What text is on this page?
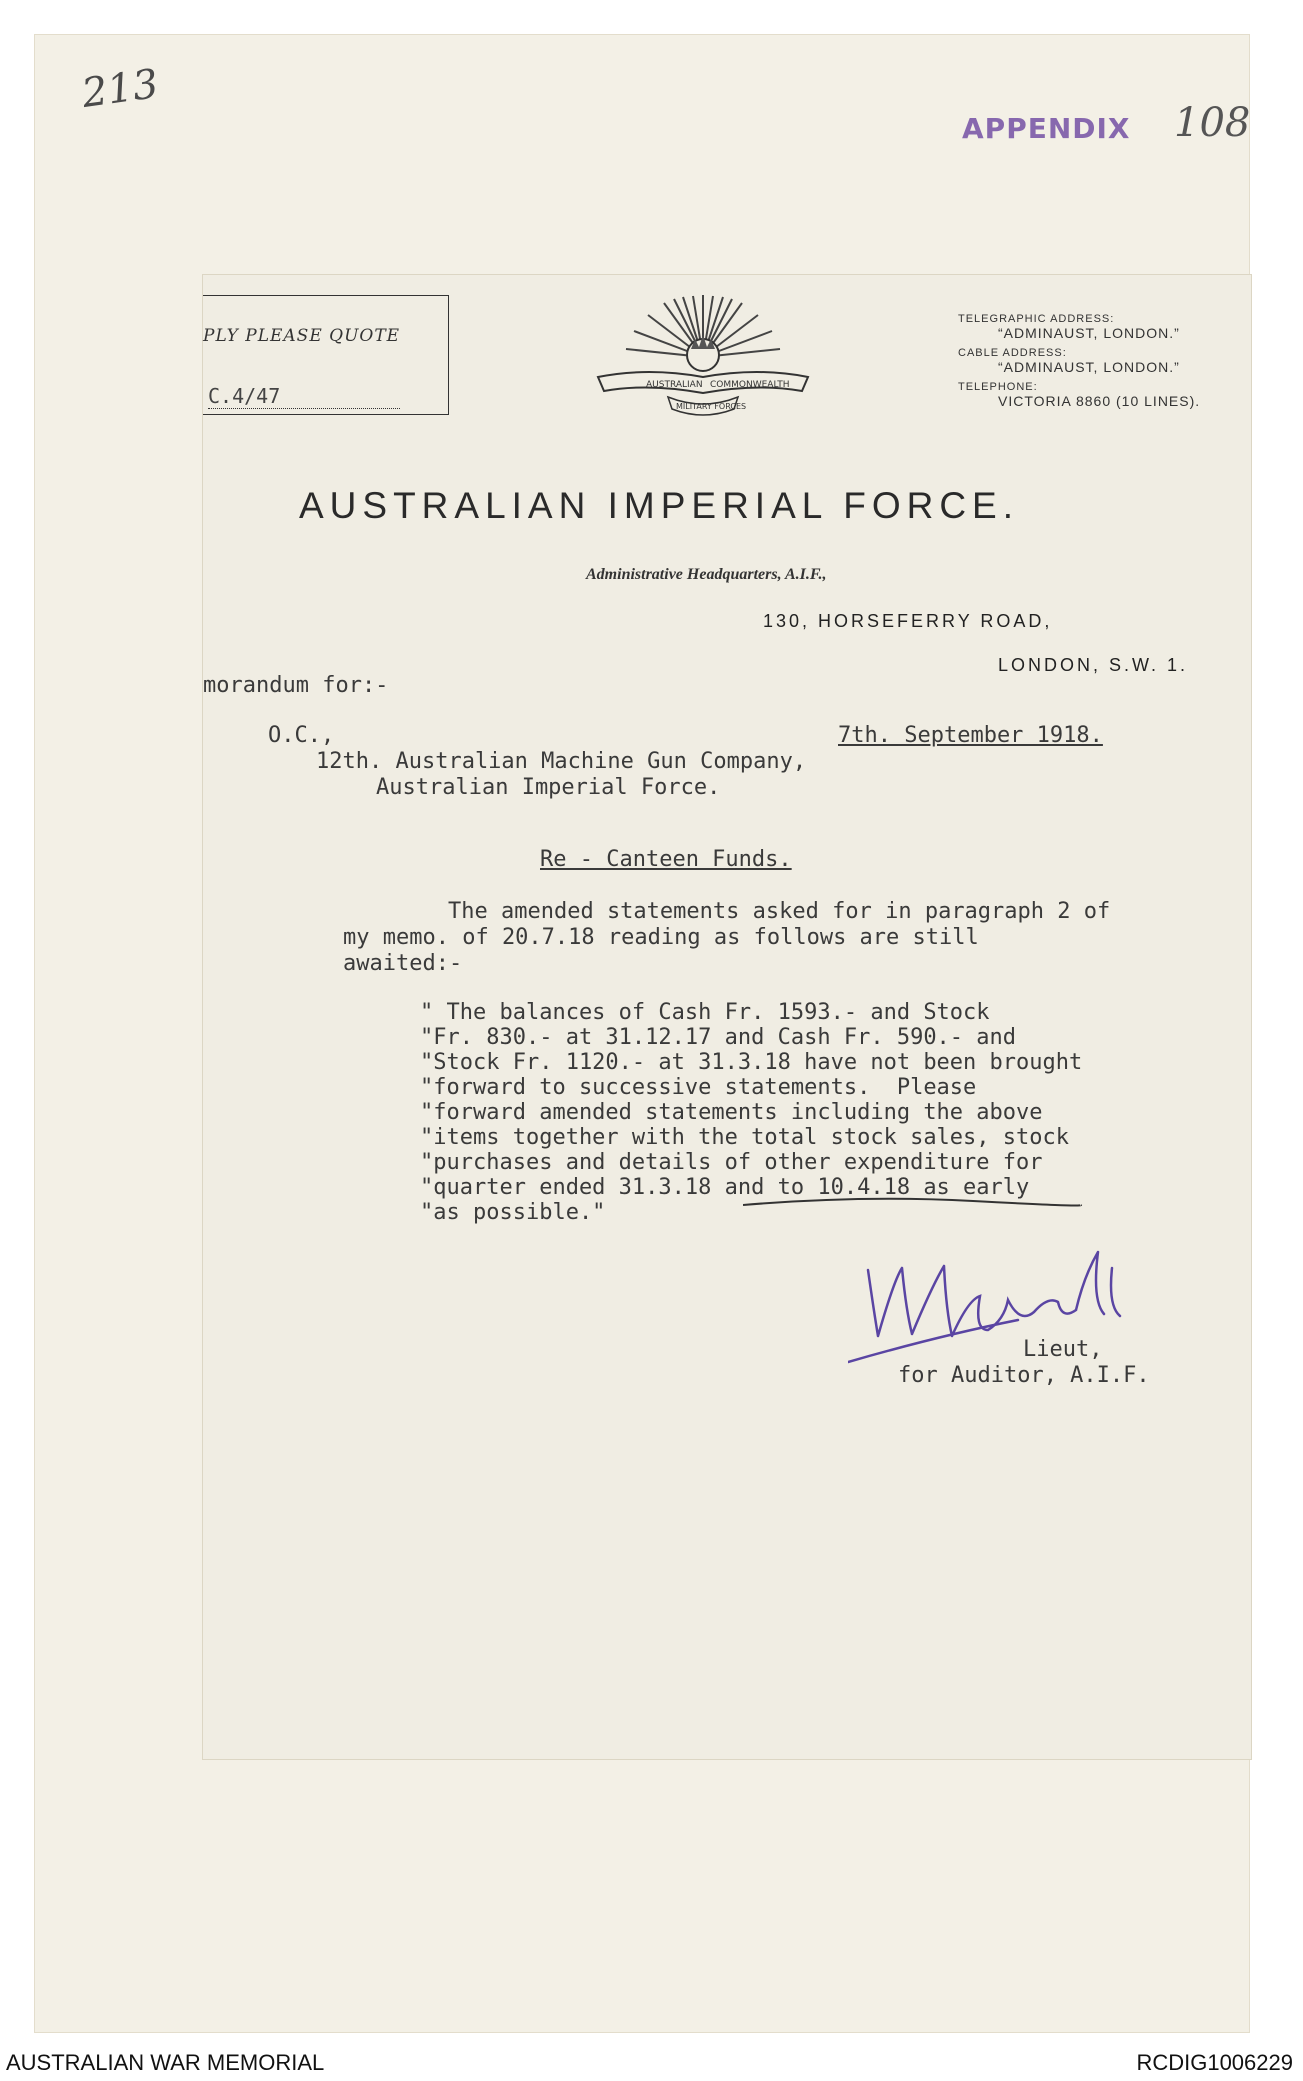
213
APPENDIX 108
PLY PLEASE QUOTE
C.4/47	AUSTRALIAN COMMONWEALTH
MILITARY FORCES
TELEGRAPHIC ADDRESS:
“ADMINAUST, LONDON.”
CABLE ADDRESS:
“ADMINAUST, LONDON.”
TELEPHONE:
VICTORIA 8860 (10 LINES).
AUSTRALIAN IMPERIAL FORCE.
Administrative Headquarters, A.I.F.,
130, HORSEFERRY ROAD,
LONDON, S.W. 1.
morandum for:-
7th. September 1918.
O.C.,
12th. Australian Machine Gun Company,
Australian Imperial Force.
Re - Canteen Funds.
The amended statements asked for in paragraph 2 of
my memo. of 20.7.18 reading as follows are still
awaited:-
" The balances of Cash Fr. 1593.- and Stock
"Fr. 830.- at 31.12.17 and Cash Fr. 590.- and
"Stock Fr. 1120.- at 31.3.18 have not been brought
"forward to successive statements.  Please
"forward amended statements including the above
"items together with the total stock sales, stock
"purchases and details of other expenditure for
"quarter ended 31.3.18 and to 10.4.18 as early
"as possible."
Lieut,
for Auditor, A.I.F.
AUSTRALIAN WAR MEMORIAL	RCDIG1006229
